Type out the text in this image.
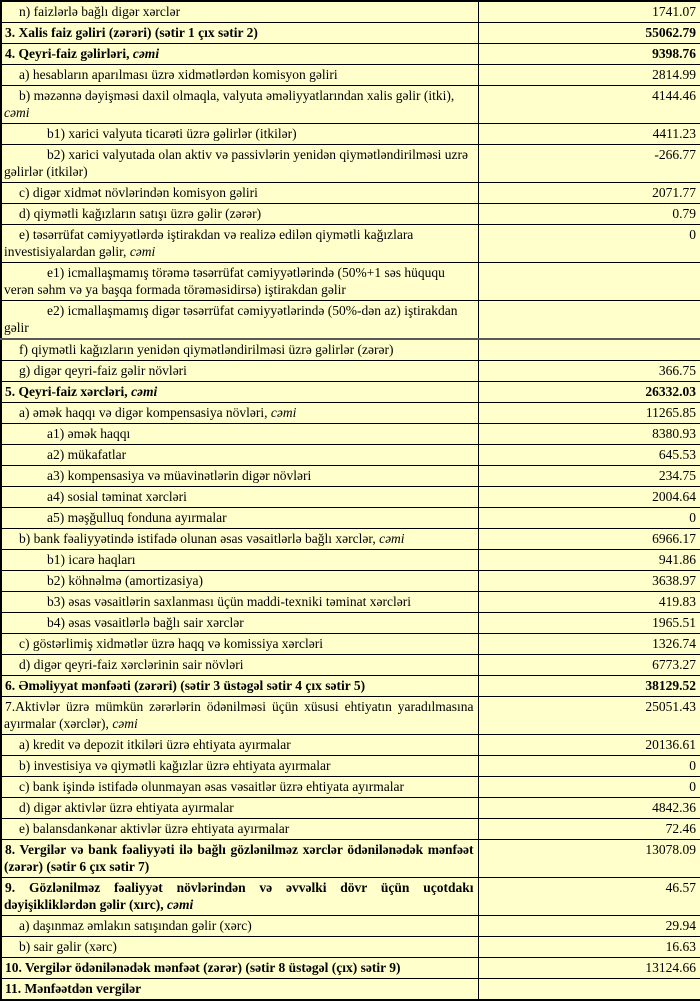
n) faizlərlə bağlı digər xərclər	1741.07
3. Xalis faiz gəliri (zərəri) (sətir 1 çıx sətir 2)	55062.79
4. Qeyri-faiz gəlirləri, cəmi	9398.76
a) hesabların aparılması üzrə xidmətlərdən komisyon gəliri	2814.99
b) məzənnə dəyişməsi daxil olmaqla, valyuta əməliyyatlarından xalis gəlir (itki), cəmi	4144.46
b1) xarici valyuta ticarəti üzrə gəlirlər (itkilər)	4411.23
b2) xarici valyutada olan aktiv və passivlərin yenidən qiymətləndirilməsi uzrə gəlirlər (itkilər)	-266.77
c) digər xidmət növlərindən komisyon gəliri	2071.77
d) qiymətli kağızların satışı üzrə gəlir (zərər)	0.79
e) təsərrüfat cəmiyyətlərdə iştirakdan və realizə edilən qiymətli kağızlara investisiyalardan gəlir, cəmi	0
e1) icmallaşmamış törəmə təsərrüfat cəmiyyətlərində (50%+1 səs hüququ verən səhm və ya başqa formada törəməsidirsə) iştirakdan gəlir	
e2) icmallaşmamış digər təsərrüfat cəmiyyətlərində (50%-dən az) iştirakdan gəlir	
f) qiymətli kağızların yenidən qiymətləndirilməsi üzrə gəlirlər (zərər)	
g) digər qeyri-faiz gəlir növləri	366.75
5. Qeyri-faiz xərcləri, cəmi	26332.03
a) əmək haqqı və digər kompensasiya növləri, cəmi	11265.85
a1) əmək haqqı	8380.93
a2) mükafatlar	645.53
a3) kompensasiya və müavinətlərin digər növləri	234.75
a4) sosial təminat xərcləri	2004.64
a5) məşğulluq fonduna ayırmalar	0
b) bank fəaliyyətində istifadə olunan əsas vəsaitlərlə bağlı xərclər, cəmi	6966.17
b1) icarə haqları	941.86
b2) köhnəlmə (amortizasiya)	3638.97
b3) əsas vəsaitlərin saxlanması üçün maddi-texniki təminat xərcləri	419.83
b4) əsas vəsaitlərlə bağlı sair xərclər	1965.51
c) göstərlimiş xidmətlər üzrə haqq və komissiya xərcləri	1326.74
d) digər qeyri-faiz xərclərinin sair növləri	6773.27
6. Əməliyyat mənfəəti (zərəri) (sətir 3 üstəgəl sətir 4 çıx sətir 5)	38129.52
7.Aktivlər üzrə mümkün zərərlərin ödənilməsi üçün xüsusi ehtiyatın yaradılmasına ayırmalar (xərclər), cəmi	25051.43
a) kredit və depozit itkiləri üzrə ehtiyata ayırmalar	20136.61
b) investisiya və qiymətli kağızlar üzrə ehtiyata ayırmalar	0
c) bank işində istifadə olunmayan əsas vəsaitlər üzrə ehtiyata ayırmalar	0
d) digər aktivlər üzrə ehtiyata ayırmalar	4842.36
e) balansdankənar aktivlər üzrə ehtiyata ayırmalar	72.46
8. Vergilər və bank fəaliyyəti ilə bağlı gözlənilməz xərclər ödənilənədək mənfəət (zərər) (sətir 6 çıx sətir 7)	13078.09
9. Gözlənilməz fəaliyyət növlərindən və əvvəlki dövr üçün uçotdakı dəyişikliklərdən gəlir (xırc), cəmi	46.57
a) daşınmaz əmlakın satışından gəlir (xərc)	29.94
b) sair gəlir (xərc)	16.63
10. Vergilər ödənilənədək mənfəət (zərər) (sətir 8 üstəgəl (çıx) sətir 9)	13124.66
11. Mənfəətdən vergilər	
